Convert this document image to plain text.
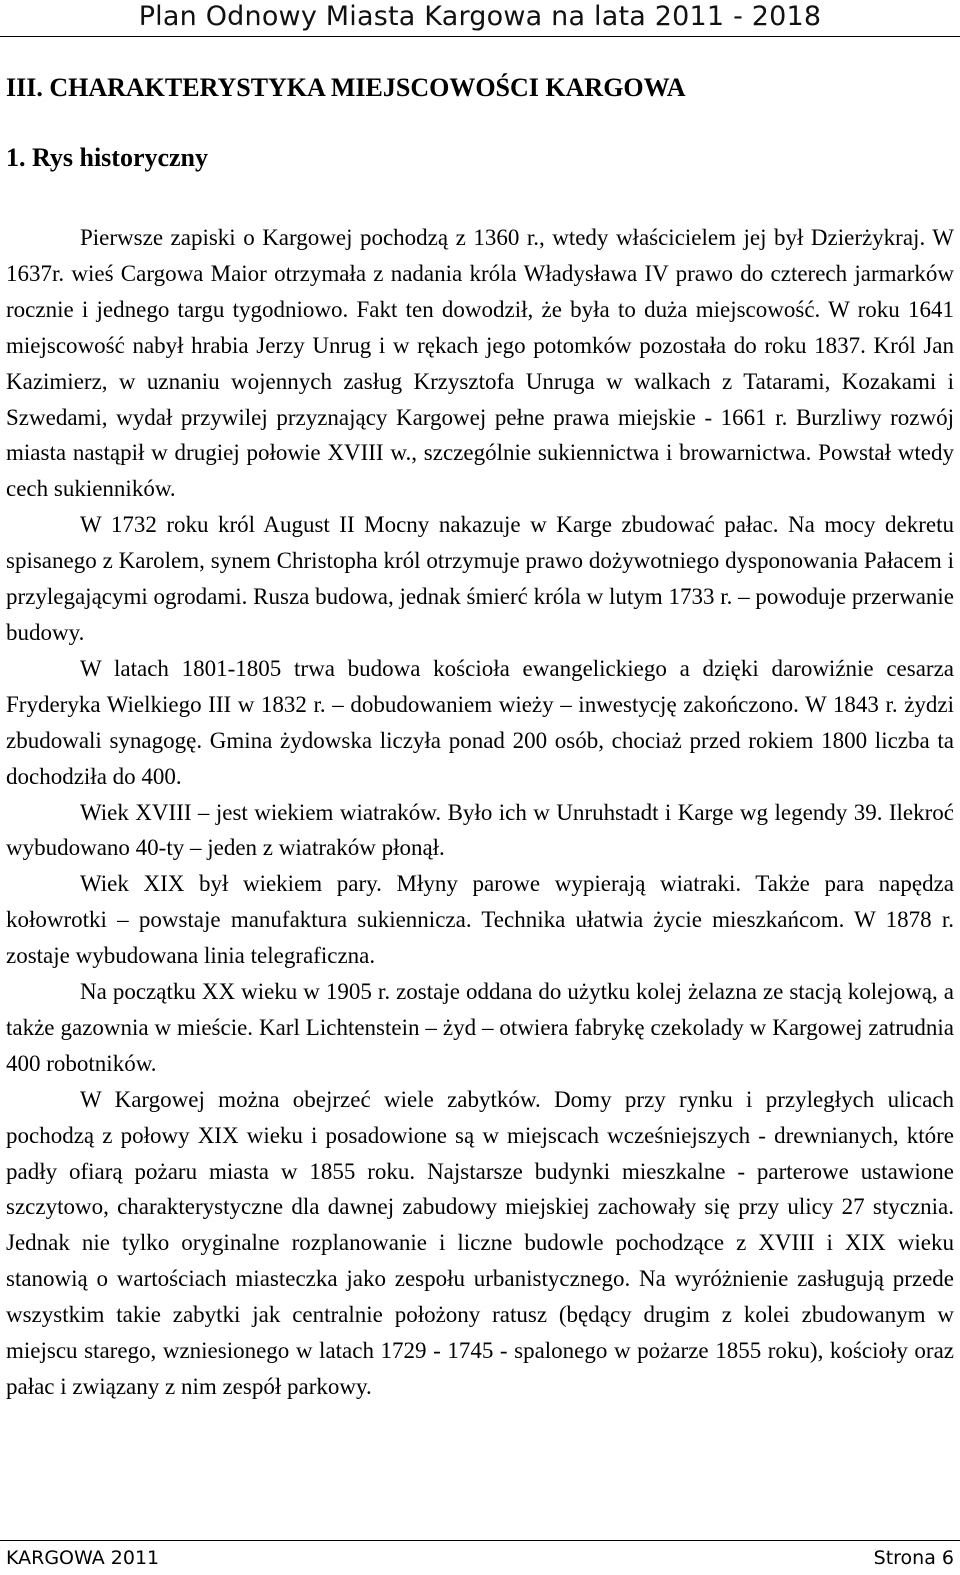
Plan Odnowy Miasta Kargowa na lata 2011 - 2018
III. CHARAKTERYSTYKA MIEJSCOWOŚCI KARGOWA
1. Rys historyczny

Pierwsze zapiski o Kargowej pochodzą z 1360 r., wtedy właścicielem jej był Dzierżykraj. W 1637r. wieś Cargowa Maior otrzymała z nadania króla Władysława IV prawo do czterech jarmarków rocznie i jednego targu tygodniowo. Fakt ten dowodził, że była to duża miejscowość. W roku 1641 miejscowość nabył hrabia Jerzy Unrug i w rękach jego potomków pozostała do roku 1837. Król Jan Kazimierz, w uznaniu wojennych zasług Krzysztofa Unruga w walkach z Tatarami, Kozakami i Szwedami, wydał przywilej przyznający Kargowej pełne prawa miejskie - 1661 r. Burzliwy rozwój miasta nastąpił w drugiej połowie XVIII w., szczególnie sukiennictwa i browarnictwa. Powstał wtedy cech sukienników.

W 1732 roku król August II Mocny nakazuje w Karge zbudować pałac. Na mocy dekretu spisanego z Karolem, synem Christopha król otrzymuje prawo dożywotniego dysponowania Pałacem i przylegającymi ogrodami. Rusza budowa, jednak śmierć króla w lutym 1733 r. – powoduje przerwanie budowy.

W latach 1801-1805 trwa budowa kościoła ewangelickiego a dzięki darowiźnie cesarza Fryderyka Wielkiego III w 1832 r. – dobudowaniem wieży – inwestycję zakończono. W 1843 r. żydzi zbudowali synagogę. Gmina żydowska liczyła ponad 200 osób, chociaż przed rokiem 1800 liczba ta dochodziła do 400.

Wiek XVIII – jest wiekiem wiatraków. Było ich w Unruhstadt i Karge wg legendy 39. Ilekroć wybudowano 40-ty – jeden z wiatraków płonął.

Wiek XIX był wiekiem pary. Młyny parowe wypierają wiatraki. Także para napędza kołowrotki – powstaje manufaktura sukiennicza. Technika ułatwia życie mieszkańcom. W 1878 r. zostaje wybudowana linia telegraficzna.

Na początku XX wieku w 1905 r. zostaje oddana do użytku kolej żelazna ze stacją kolejową, a także gazownia w mieście. Karl Lichtenstein – żyd – otwiera fabrykę czekolady w Kargowej zatrudnia 400 robotników.

W Kargowej można obejrzeć wiele zabytków. Domy przy rynku i przyległych ulicach pochodzą z połowy XIX wieku i posadowione są w miejscach wcześniejszych - drewnianych, które padły ofiarą pożaru miasta w 1855 roku. Najstarsze budynki mieszkalne - parterowe ustawione szczytowo, charakterystyczne dla dawnej zabudowy miejskiej zachowały się przy ulicy 27 stycznia. Jednak nie tylko oryginalne rozplanowanie i liczne budowle pochodzące z XVIII i XIX wieku stanowią o wartościach miasteczka jako zespołu urbanistycznego. Na wyróżnienie zasługują przede wszystkim takie zabytki jak centralnie położony ratusz (będący drugim z kolei zbudowanym w miejscu starego, wzniesionego w latach 1729 - 1745 - spalonego w pożarze 1855 roku), kościoły oraz pałac i związany z nim zespół parkowy.

KARGOWA 2011	Strona 6
